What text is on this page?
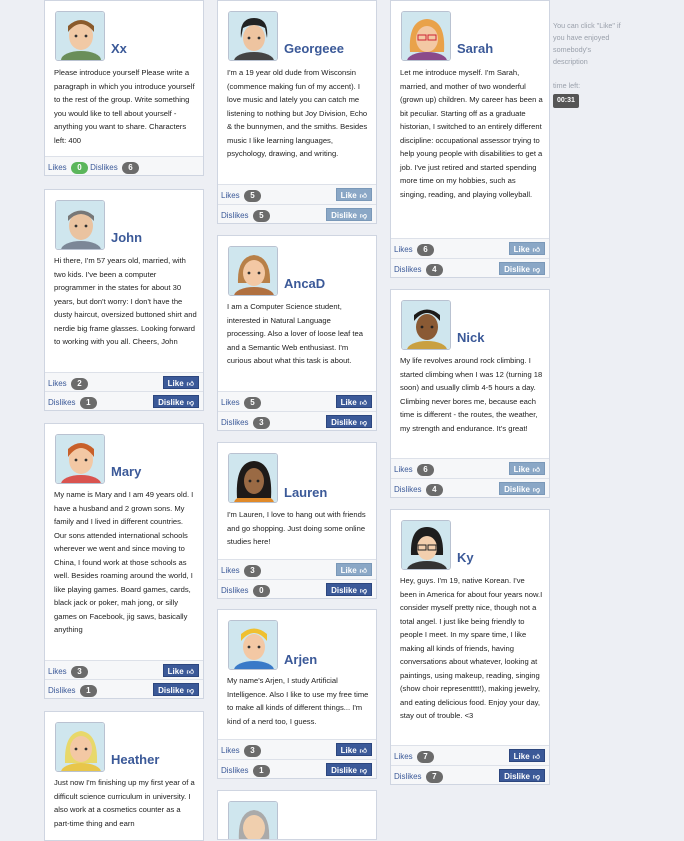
Xx
Please introduce yourself Please write a paragraph in which you introduce yourself to the rest of the group. Write something you would like to tell about yourself - anything you want to share. Characters left: 400
Likes 0 Dislikes 6
John
Hi there, I'm 57 years old, married, with two kids. I've been a computer programmer in the states for about 30 years, but don't worry: I don't have the dusty haircut, oversized buttoned shirt and nerdie big frame glasses. Looking forward to working with you all. Cheers, John
Likes 2	Like 👍︎
Dislikes 1	Dislike 👎︎
Mary
My name is Mary and I am 49 years old. I have a husband and 2 grown sons. My family and I lived in different countries. Our sons attended international schools wherever we went and since moving to China, I found work at those schools as well. Besides roaming around the world, I like playing games. Board games, cards, black jack or poker, mah jong, or silly games on Facebook, jig saws, basically anything
Likes 3	Like 👍︎
Dislikes 1	Dislike 👎︎
Heather
Just now I'm finishing up my first year of a difficult science curriculum in university. I also work at a cosmetics counter as a part-time thing and earn
Georgeee
I'm a 19 year old dude from Wisconsin (commence making fun of my accent). I love music and lately you can catch me listening to nothing but Joy Division, Echo & the bunnymen, and the smiths. Besides music I like learning languages, psychology, drawing, and writing.
Likes 5	Like 👍︎
Dislikes 5	Dislike 👎︎
AncaD
I am a Computer Science student, interested in Natural Language processing. Also a lover of loose leaf tea and a Semantic Web enthusiast. I'm curious about what this task is about.
Likes 5	Like 👍︎
Dislikes 3	Dislike 👎︎
Lauren
I'm Lauren, I love to hang out with friends and go shopping. Just doing some online studies here!
Likes 3	Like 👍︎
Dislikes 0	Dislike 👎︎
Arjen
My name's Arjen, I study Artificial Intelligence. Also I like to use my free time to make all kinds of different things... I'm kind of a nerd too, I guess.
Likes 3	Like 👍︎
Dislikes 1	Dislike 👎︎
Sarah
Let me introduce myself. I'm Sarah, married, and mother of two wonderful (grown up) children. My career has been a bit peculiar. Starting off as a graduate historian, I switched to an entirely different discipline: occupational assessor trying to help young people with disabilities to get a job. I've just retired and started spending more time on my hobbies, such as singing, reading, and playing volleyball.
Likes 6	Like 👍︎
Dislikes 4	Dislike 👎︎
Nick
My life revolves around rock climbing. I started climbing when I was 12 (turning 18 soon) and usually climb 4-5 hours a day. Climbing never bores me, because each time is different - the routes, the weather, my strength and endurance. It's great!
Likes 6	Like 👍︎
Dislikes 4	Dislike 👎︎
Ky
Hey, guys. I'm 19, native Korean. I've been in America for about four years now.I consider myself pretty nice, though not a total angel. I just like being friendly to people I meet. In my spare time, I like making all kinds of friends, having conversations about whatever, looking at paintings, using makeup, reading, singing (show choir representttt!), making jewelry, and eating delicious food. Enjoy your day, stay out of trouble. <3
Likes 7	Like 👍︎
Dislikes 7	Dislike 👎︎
You can click "Like" if you have enjoyed somebody's description
time left:
00:31
